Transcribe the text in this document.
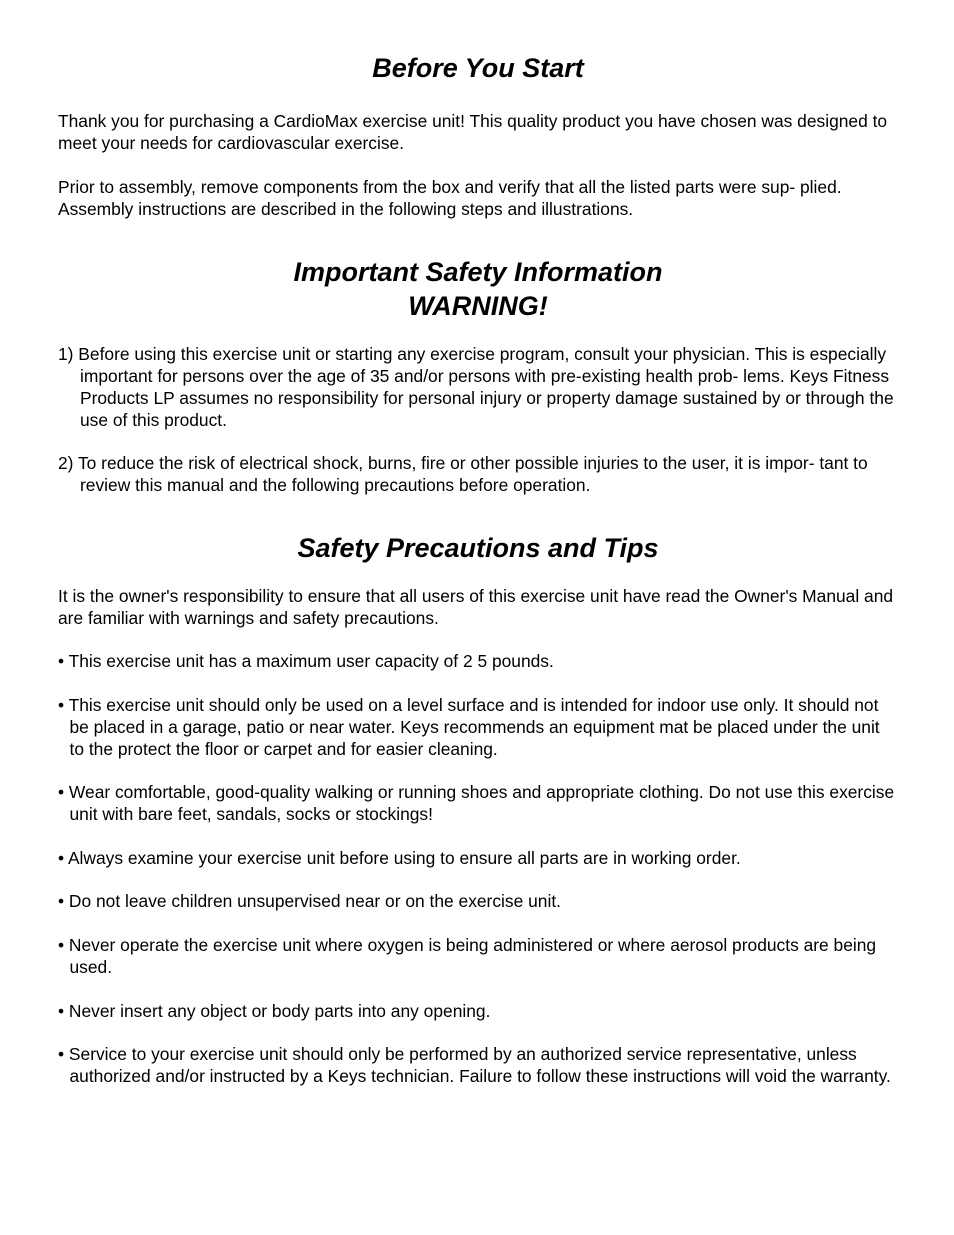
Before You Start

Thank you for purchasing a CardioMax exercise unit! This quality product you have chosen was designed to meet your needs for cardiovascular exercise.

Prior to assembly, remove components from the box and verify that all the listed parts were sup- plied. Assembly instructions are described in the following steps and illustrations.

Important Safety Information
WARNING!
1) Before using this exercise unit or starting any exercise program, consult your physician. This is especially important for persons over the age of 35 and/or persons with pre-existing health prob- lems. Keys Fitness Products LP assumes no responsibility for personal injury or property damage sustained by or through the use of this product.
2) To reduce the risk of electrical shock, burns, fire or other possible injuries to the user, it is impor- tant to review this manual and the following precautions before operation.
Safety Precautions and Tips

It is the owner's responsibility to ensure that all users of this exercise unit have read the Owner's Manual and are familiar with warnings and safety precautions.

• This exercise unit has a maximum user capacity of 2 5 pounds.
• This exercise unit should only be used on a level surface and is intended for indoor use only. It should not be placed in a garage, patio or near water. Keys recommends an equipment mat be placed under the unit to the protect the floor or carpet and for easier cleaning.
• Wear comfortable, good-quality walking or running shoes and appropriate clothing. Do not use this exercise unit with bare feet, sandals, socks or stockings!
• Always examine your exercise unit before using to ensure all parts are in working order.
• Do not leave children unsupervised near or on the exercise unit.
• Never operate the exercise unit where oxygen is being administered or where aerosol products are being used.
• Never insert any object or body parts into any opening.
• Service to your exercise unit should only be performed by an authorized service representative, unless authorized and/or instructed by a Keys technician. Failure to follow these instructions will void the warranty.
